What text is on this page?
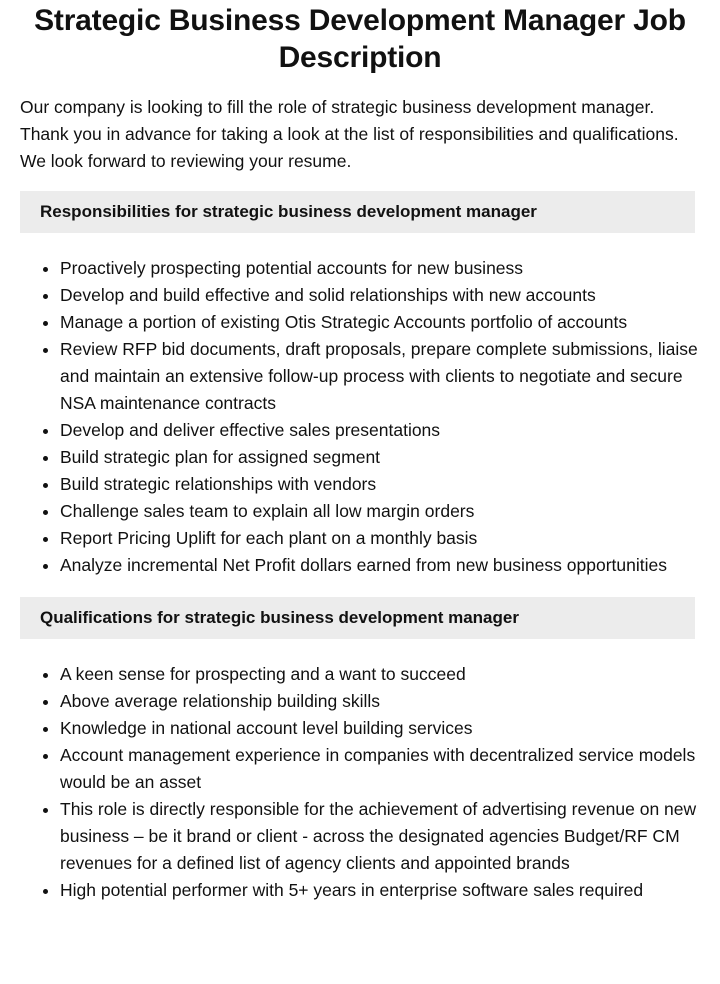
Strategic Business Development Manager Job Description

Our company is looking to fill the role of strategic business development manager. Thank you in advance for taking a look at the list of responsibilities and qualifications. We look forward to reviewing your resume.

Responsibilities for strategic business development manager
• Proactively prospecting potential accounts for new business
• Develop and build effective and solid relationships with new accounts
• Manage a portion of existing Otis Strategic Accounts portfolio of accounts
• Review RFP bid documents, draft proposals, prepare complete submissions, liaise and maintain an extensive follow-up process with clients to negotiate and secure NSA maintenance contracts
• Develop and deliver effective sales presentations
• Build strategic plan for assigned segment
• Build strategic relationships with vendors
• Challenge sales team to explain all low margin orders
• Report Pricing Uplift for each plant on a monthly basis
• Analyze incremental Net Profit dollars earned from new business opportunities
Qualifications for strategic business development manager
• A keen sense for prospecting and a want to succeed
• Above average relationship building skills
• Knowledge in national account level building services
• Account management experience in companies with decentralized service models would be an asset
• This role is directly responsible for the achievement of advertising revenue on new business – be it brand or client - across the designated agencies Budget/RF CM revenues for a defined list of agency clients and appointed brands
• High potential performer with 5+ years in enterprise software sales required
